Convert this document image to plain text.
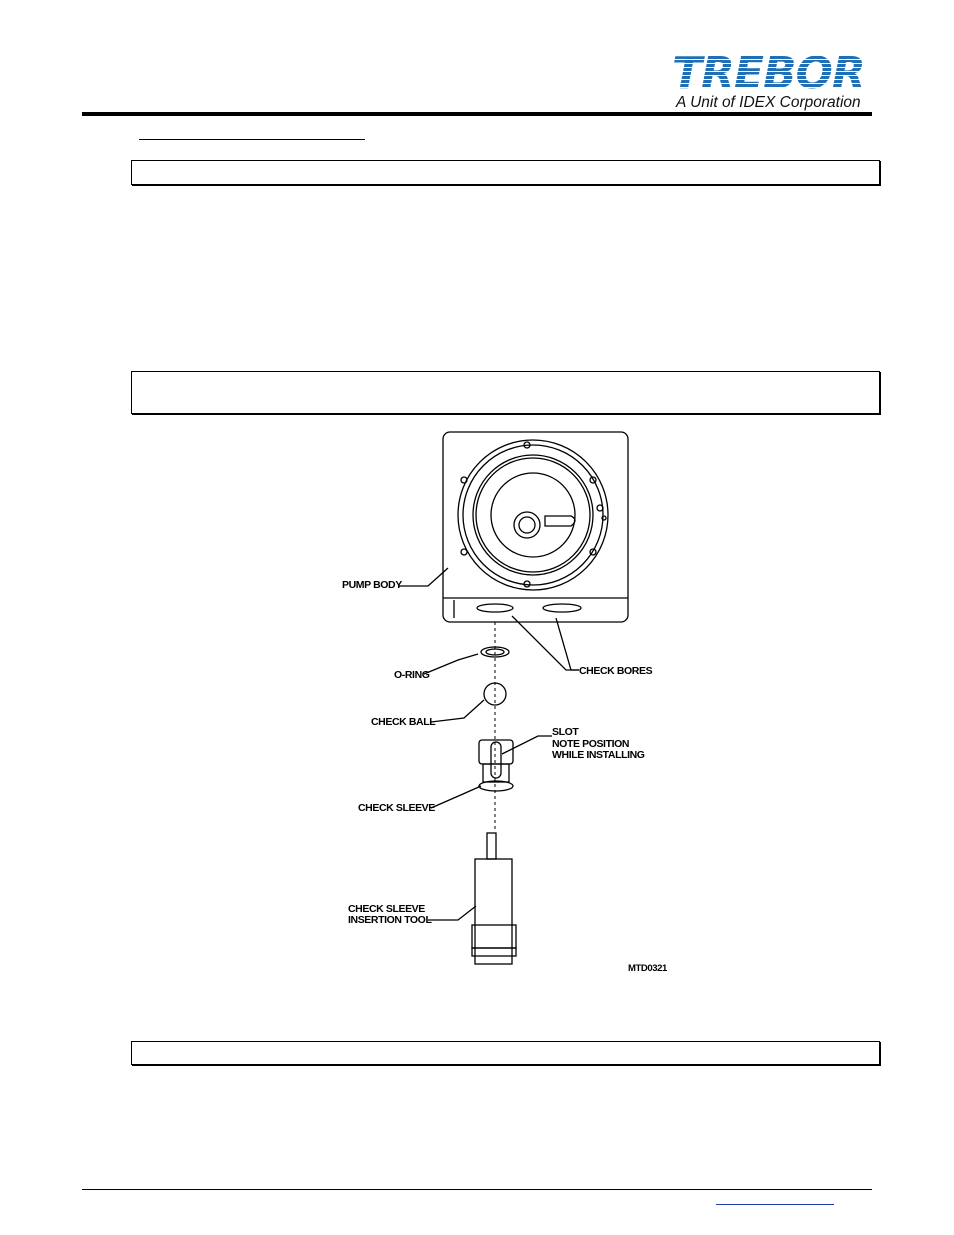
TREBOR
A Unit of IDEX Corporation
PUMP BODY
CHECK BORES
O-RING
CHECK BALL
SLOT
NOTE POSITION
WHILE INSTALLING
CHECK SLEEVE
CHECK SLEEVE
INSERTION TOOL
MTD0321
